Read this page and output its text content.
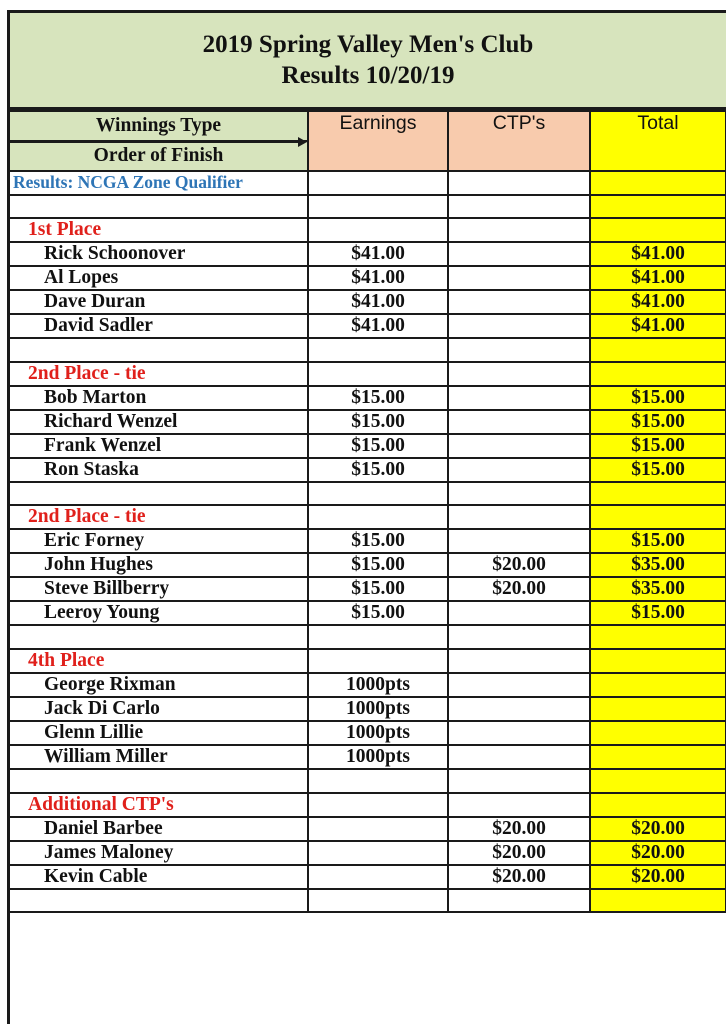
2019 Spring Valley Men's Club
Results 10/20/19
Winnings Type	Earnings	CTP's	Total
Order of Finish			
Results: NCGA Zone Qualifier			

1st Place			
Rick Schoonover	$41.00		$41.00
Al Lopes	$41.00		$41.00
Dave Duran	$41.00		$41.00
David Sadler	$41.00		$41.00

2nd Place - tie			
Bob Marton	$15.00		$15.00
Richard Wenzel	$15.00		$15.00
Frank Wenzel	$15.00		$15.00
Ron Staska	$15.00		$15.00

2nd Place - tie			
Eric Forney	$15.00		$15.00
John Hughes	$15.00	$20.00	$35.00
Steve Billberry	$15.00	$20.00	$35.00
Leeroy Young	$15.00		$15.00

4th Place			
George Rixman	1000pts		
Jack Di Carlo	1000pts		
Glenn Lillie	1000pts		
William Miller	1000pts		

Additional CTP's			
Daniel Barbee		$20.00	$20.00
James Maloney		$20.00	$20.00
Kevin Cable		$20.00	$20.00
